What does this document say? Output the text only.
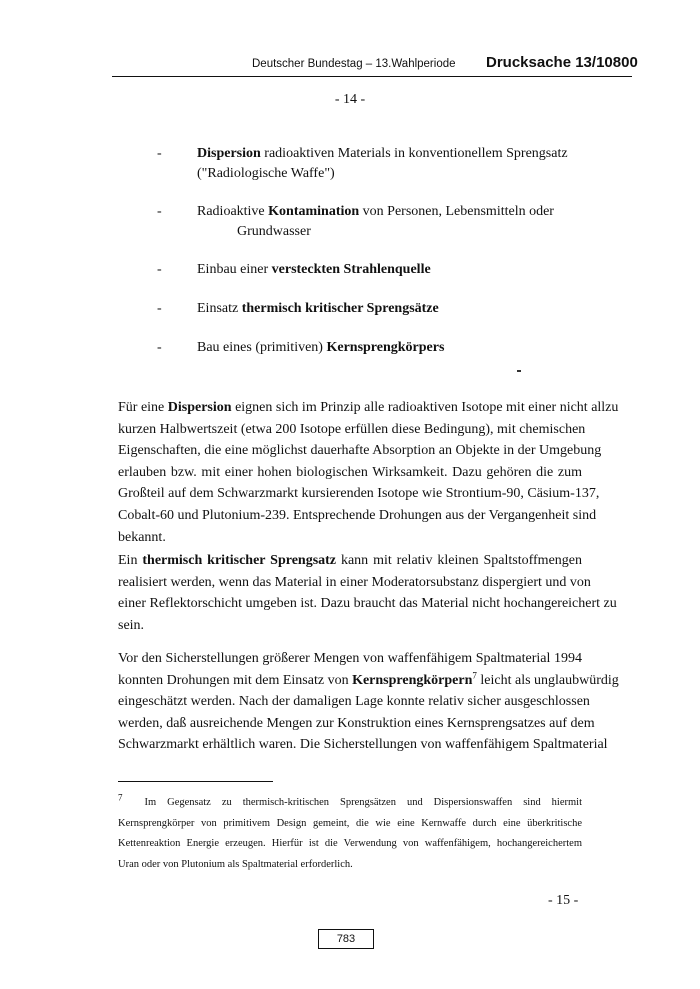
Deutscher Bundestag – 13.Wahlperiode Drucksache 13/10800
- 14 -
-	Dispersion radioaktiven Materials in konventionellem Sprengsatz
("Radiologische Waffe")
-	Radioaktive Kontamination von Personen, Lebensmitteln oder
Grundwasser
-	Einbau einer versteckten Strahlenquelle
-	Einsatz thermisch kritischer Sprengsätze
-	Bau eines (primitiven) Kernsprengkörpers
Für eine Dispersion eignen sich im Prinzip alle radioaktiven Isotope mit einer nicht allzu
kurzen Halbwertszeit (etwa 200 Isotope erfüllen diese Bedingung), mit chemischen
Eigenschaften, die eine möglichst dauerhafte Absorption an Objekte in der Umgebung
erlauben bzw. mit einer hohen biologischen Wirksamkeit. Dazu gehören die zum
Großteil auf dem Schwarzmarkt kursierenden Isotope wie Strontium-90, Cäsium-137,
Cobalt-60 und Plutonium-239. Entsprechende Drohungen aus der Vergangenheit sind
bekannt.
Ein thermisch kritischer Sprengsatz kann mit relativ kleinen Spaltstoffmengen
realisiert werden, wenn das Material in einer Moderatorsubstanz dispergiert und von
einer Reflektorschicht umgeben ist. Dazu braucht das Material nicht hochangereichert zu
sein.
Vor den Sicherstellungen größerer Mengen von waffenfähigem Spaltmaterial 1994
konnten Drohungen mit dem Einsatz von Kernsprengkörpern$^7$ leicht als unglaubwürdig
eingeschätzt werden. Nach der damaligen Lage konnte relativ sicher ausgeschlossen
werden, daß ausreichende Mengen zur Konstruktion eines Kernsprengsatzes auf dem
Schwarzmarkt erhältlich waren. Die Sicherstellungen von waffenfähigem Spaltmaterial
7 Im Gegensatz zu thermisch-kritischen Sprengsätzen und Dispersionswaffen sind hiermit
Kernsprengkörper von primitivem Design gemeint, die wie eine Kernwaffe durch eine überkritische
Kettenreaktion Energie erzeugen. Hierfür ist die Verwendung von waffenfähigem, hochangereichertem
Uran oder von Plutonium als Spaltmaterial erforderlich.
- 15 -
783
